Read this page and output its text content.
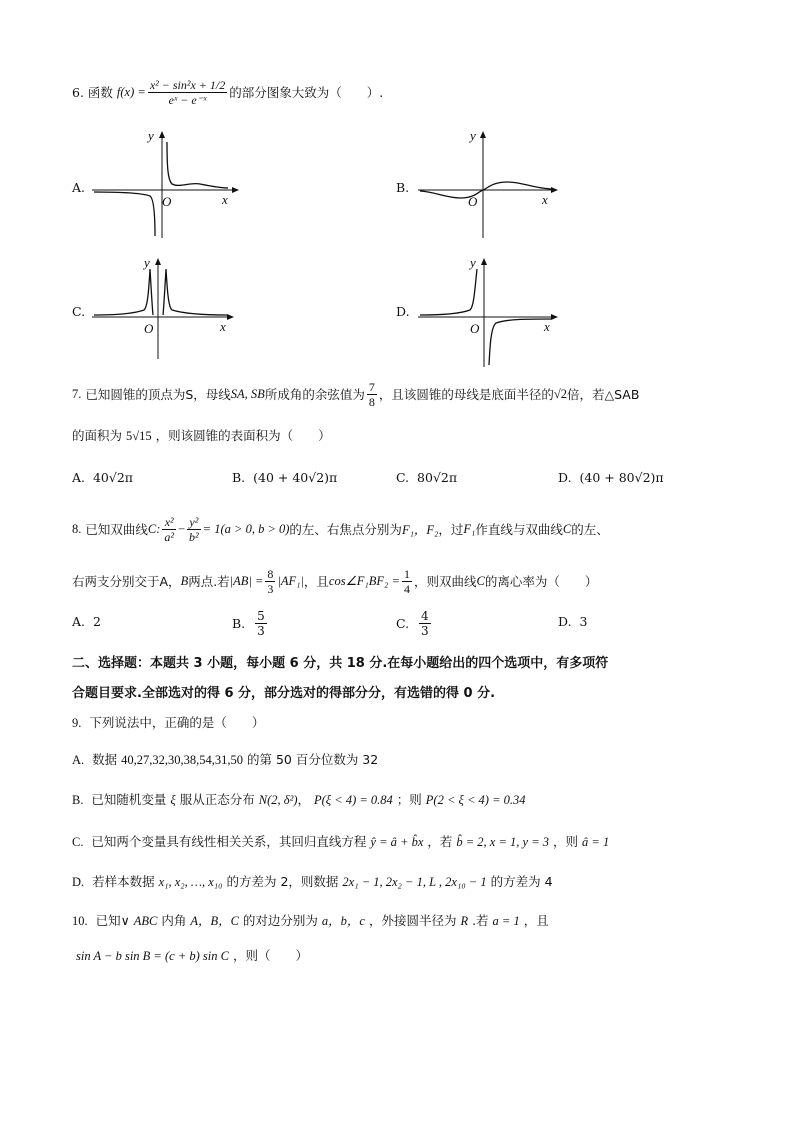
6.
函数
$f(x) = \frac{\text{x² − sin²x + 1/2}}{\text{eˣ − e⁻ˣ}}$ 的部分图象大致为（　　）.
A.
y
O	x
B.
y
O	x
C.
y
O	x
D.
y
O	x
7.
已知圆锥的顶点为S，母线 SA, SB 所成角的余弦值为 $\frac{7}{8}$ ，且该圆锥的母线是底面半径的 √2 倍，若△SAB
的面积为 5√15 ，则该圆锥的表面积为（　　）
A. 40√2π	B. (40 + 40√2)π	C. 80√2π	D. (40 + 80√2)π
8.
已知双曲线 C: $\frac{\text{x²}}{\text{a²}} - \frac{\text{y²}}{\text{b²}} = 1(a > 0$, b > 0) 的左、右焦点分别为 F₁，F₂ ，过 F₁ 作直线与双曲线 C 的左、
右两支分别交于A， B 两点.若 $|AB| = \frac{8}{3} |AF_1|$ ，且 cos∠F₁BF₂ = $\frac{1}{4}$ ，则双曲线 C 的离心率为（　　）
A. 2	B.
$\frac{5}{3}$	C.
$\frac{4}{3}$	D. 3
二、选择题：本题共 3 小题，每小题 6 分，共 18 分.在每小题给出的四个选项中，有多项符
合题目要求.全部选对的得 6 分，部分选对的得部分分，有选错的得 0 分.
9. 下列说法中，正确的是（　　）
A. 数据 40,27,32,30,38,54,31,50 的第 50 百分位数为 32
B. 已知随机变量 ξ 服从正态分布 N(2, δ²)， P(ξ < 4) = 0.84 ；则 P(2 < ξ < 4) = 0.34
C. 已知两个变量具有线性相关关系，其回归直线方程 ŷ = â + b̂x ，若 b̂ = 2, x = 1, y = 3 ，则 â = 1
D. 若样本数据 x₁, x₂, …, x₁₀ 的方差为 2，则数据 2x₁ − 1, 2x₂ − 1, L , 2x₁₀ − 1 的方差为 4
10. 已知∨ ABC 内角 A，B，C 的对边分别为 a，b，c ，外接圆半径为 R .若 a = 1 ，且
sin A − b sin B = (c + b) sin C ，则（　　）
